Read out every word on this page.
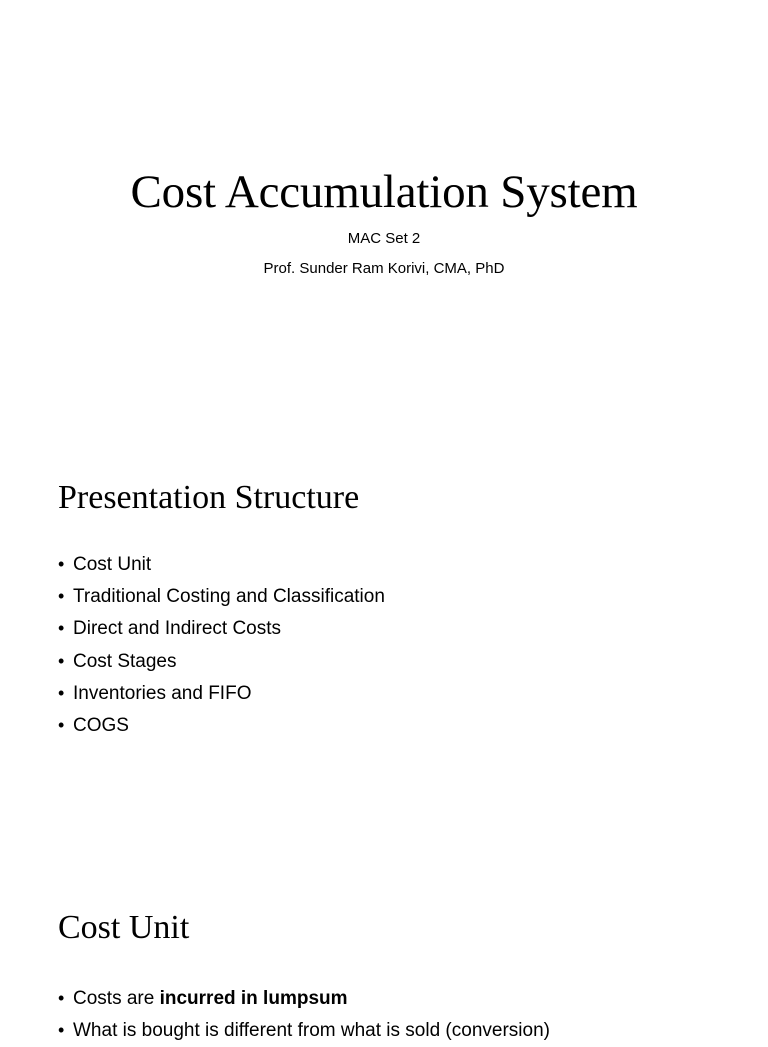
Cost Accumulation System

MAC Set 2

Prof. Sunder Ram Korivi, CMA, PhD

Presentation Structure
• Cost Unit
• Traditional Costing and Classification
• Direct and Indirect Costs
• Cost Stages
• Inventories and FIFO
• COGS
Cost Unit
• Costs are incurred in lumpsum
• What is bought is different from what is sold (conversion)
